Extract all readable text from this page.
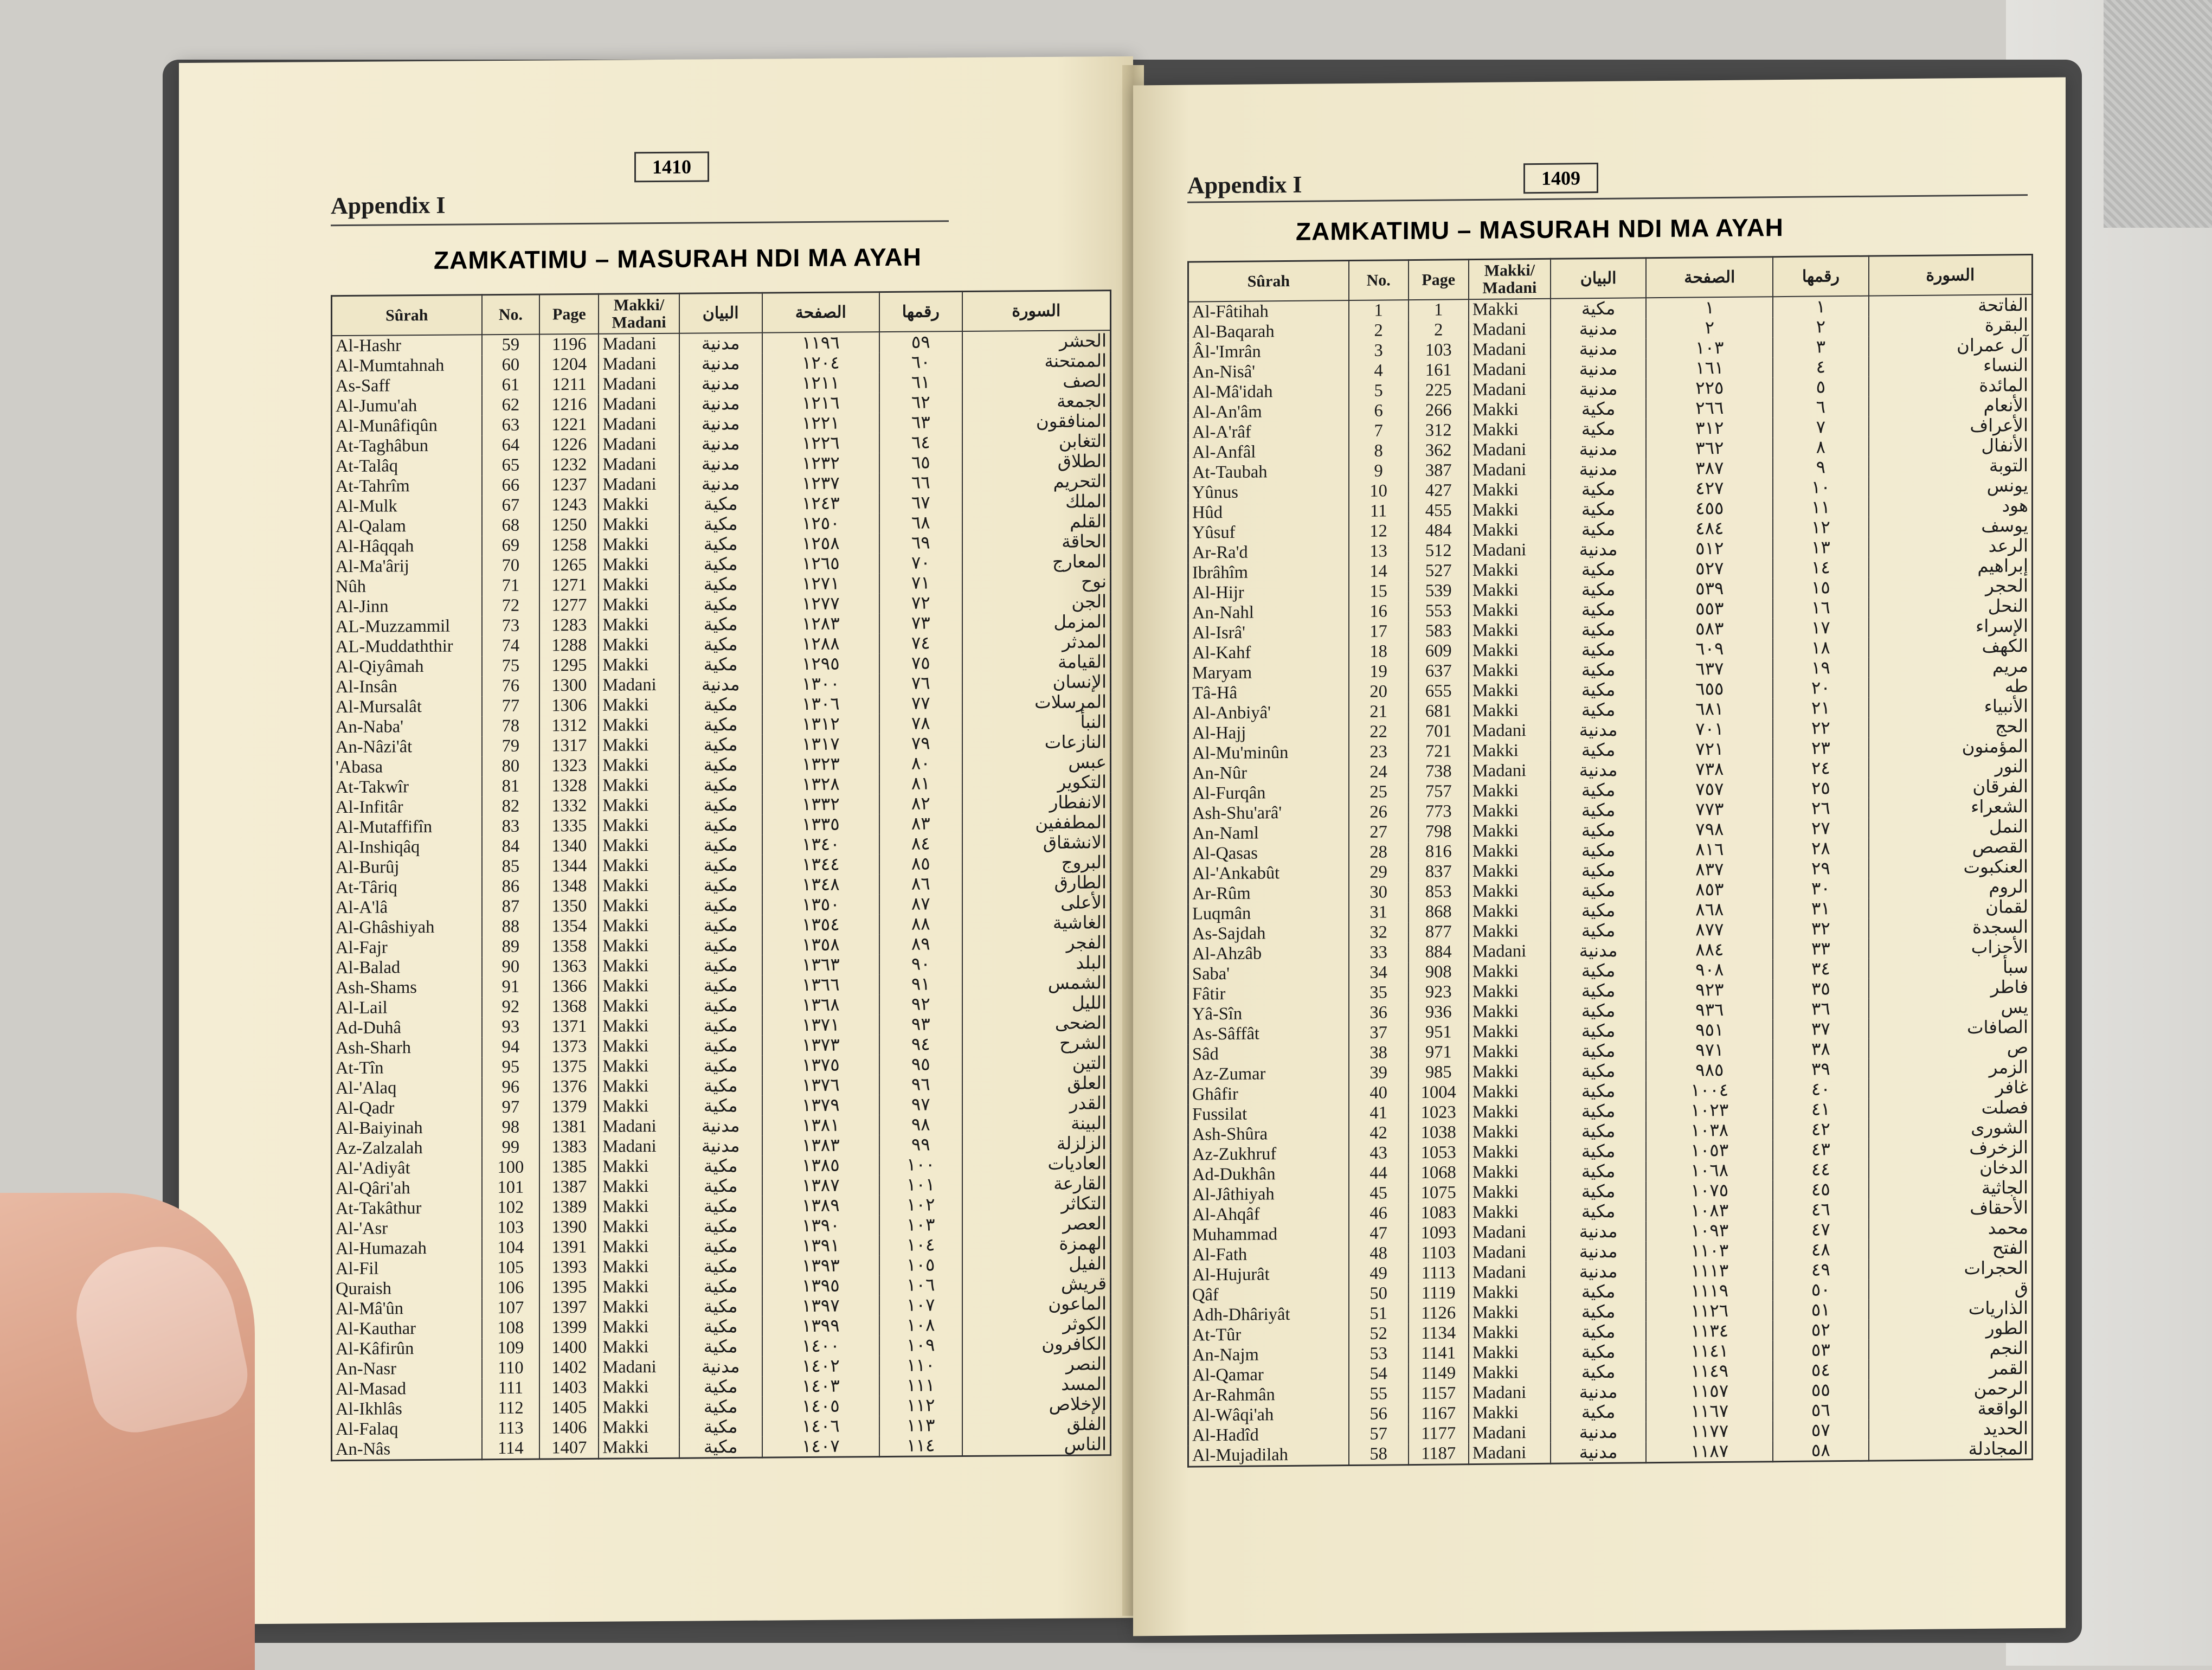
Appendix I
1410
ZAMKATIMU – MASURAH NDI MA AYAH
Sûrah	No.	Page	Makki/ Madani	البيان	الصفحة	رقمها	السورة
Al-Hashr	59	1196	Madani	مدنية	١١٩٦	٥٩	الحشر
Al-Mumtahnah	60	1204	Madani	مدنية	١٢٠٤	٦٠	الممتحنة
As-Saff	61	1211	Madani	مدنية	١٢١١	٦١	الصف
Al-Jumu'ah	62	1216	Madani	مدنية	١٢١٦	٦٢	الجمعة
Al-Munâfiqûn	63	1221	Madani	مدنية	١٢٢١	٦٣	المنافقون
At-Taghâbun	64	1226	Madani	مدنية	١٢٢٦	٦٤	التغابن
At-Talâq	65	1232	Madani	مدنية	١٢٣٢	٦٥	الطلاق
At-Tahrîm	66	1237	Madani	مدنية	١٢٣٧	٦٦	التحريم
Al-Mulk	67	1243	Makki	مكية	١٢٤٣	٦٧	الملك
Al-Qalam	68	1250	Makki	مكية	١٢٥٠	٦٨	القلم
Al-Hâqqah	69	1258	Makki	مكية	١٢٥٨	٦٩	الحاقة
Al-Ma'ârij	70	1265	Makki	مكية	١٢٦٥	٧٠	المعارج
Nûh	71	1271	Makki	مكية	١٢٧١	٧١	نوح
Al-Jinn	72	1277	Makki	مكية	١٢٧٧	٧٢	الجن
AL-Muzzammil	73	1283	Makki	مكية	١٢٨٣	٧٣	المزمل
AL-Muddaththir	74	1288	Makki	مكية	١٢٨٨	٧٤	المدثر
Al-Qiyâmah	75	1295	Makki	مكية	١٢٩٥	٧٥	القيامة
Al-Insân	76	1300	Madani	مدنية	١٣٠٠	٧٦	الإنسان
Al-Mursalât	77	1306	Makki	مكية	١٣٠٦	٧٧	المرسلات
An-Naba'	78	1312	Makki	مكية	١٣١٢	٧٨	النبأ
An-Nâzi'ât	79	1317	Makki	مكية	١٣١٧	٧٩	النازعات
'Abasa	80	1323	Makki	مكية	١٣٢٣	٨٠	عبس
At-Takwîr	81	1328	Makki	مكية	١٣٢٨	٨١	التكوير
Al-Infitâr	82	1332	Makki	مكية	١٣٣٢	٨٢	الانفطار
Al-Mutaffifîn	83	1335	Makki	مكية	١٣٣٥	٨٣	المطففين
Al-Inshiqâq	84	1340	Makki	مكية	١٣٤٠	٨٤	الانشقاق
Al-Burûj	85	1344	Makki	مكية	١٣٤٤	٨٥	البروج
At-Târiq	86	1348	Makki	مكية	١٣٤٨	٨٦	الطارق
Al-A'lâ	87	1350	Makki	مكية	١٣٥٠	٨٧	الأعلى
Al-Ghâshiyah	88	1354	Makki	مكية	١٣٥٤	٨٨	الغاشية
Al-Fajr	89	1358	Makki	مكية	١٣٥٨	٨٩	الفجر
Al-Balad	90	1363	Makki	مكية	١٣٦٣	٩٠	البلد
Ash-Shams	91	1366	Makki	مكية	١٣٦٦	٩١	الشمس
Al-Lail	92	1368	Makki	مكية	١٣٦٨	٩٢	الليل
Ad-Duhâ	93	1371	Makki	مكية	١٣٧١	٩٣	الضحى
Ash-Sharh	94	1373	Makki	مكية	١٣٧٣	٩٤	الشرح
At-Tîn	95	1375	Makki	مكية	١٣٧٥	٩٥	التين
Al-'Alaq	96	1376	Makki	مكية	١٣٧٦	٩٦	العلق
Al-Qadr	97	1379	Makki	مكية	١٣٧٩	٩٧	القدر
Al-Baiyinah	98	1381	Madani	مدنية	١٣٨١	٩٨	البينة
Az-Zalzalah	99	1383	Madani	مدنية	١٣٨٣	٩٩	الزلزلة
Al-'Adiyât	100	1385	Makki	مكية	١٣٨٥	١٠٠	العاديات
Al-Qâri'ah	101	1387	Makki	مكية	١٣٨٧	١٠١	القارعة
At-Takâthur	102	1389	Makki	مكية	١٣٨٩	١٠٢	التكاثر
Al-'Asr	103	1390	Makki	مكية	١٣٩٠	١٠٣	العصر
Al-Humazah	104	1391	Makki	مكية	١٣٩١	١٠٤	الهمزة
Al-Fil	105	1393	Makki	مكية	١٣٩٣	١٠٥	الفيل
Quraish	106	1395	Makki	مكية	١٣٩٥	١٠٦	قريش
Al-Mâ'ûn	107	1397	Makki	مكية	١٣٩٧	١٠٧	الماعون
Al-Kauthar	108	1399	Makki	مكية	١٣٩٩	١٠٨	الكوثر
Al-Kâfirûn	109	1400	Makki	مكية	١٤٠٠	١٠٩	الكافرون
An-Nasr	110	1402	Madani	مدنية	١٤٠٢	١١٠	النصر
Al-Masad	111	1403	Makki	مكية	١٤٠٣	١١١	المسد
Al-Ikhlâs	112	1405	Makki	مكية	١٤٠٥	١١٢	الإخلاص
Al-Falaq	113	1406	Makki	مكية	١٤٠٦	١١٣	الفلق
An-Nâs	114	1407	Makki	مكية	١٤٠٧	١١٤	الناس
Appendix I	1409
ZAMKATIMU – MASURAH NDI MA AYAH
Sûrah	No.	Page	Makki/ Madani	البيان	الصفحة	رقمها	السورة
Al-Fâtihah	1	1	Makki	مكية	١	١	الفاتحة
Al-Baqarah	2	2	Madani	مدنية	٢	٢	البقرة
Âl-'Imrân	3	103	Madani	مدنية	١٠٣	٣	آل عمران
An-Nisâ'	4	161	Madani	مدنية	١٦١	٤	النساء
Al-Mâ'idah	5	225	Madani	مدنية	٢٢٥	٥	المائدة
Al-An'âm	6	266	Makki	مكية	٢٦٦	٦	الأنعام
Al-A'râf	7	312	Makki	مكية	٣١٢	٧	الأعراف
Al-Anfâl	8	362	Madani	مدنية	٣٦٢	٨	الأنفال
At-Taubah	9	387	Madani	مدنية	٣٨٧	٩	التوبة
Yûnus	10	427	Makki	مكية	٤٢٧	١٠	يونس
Hûd	11	455	Makki	مكية	٤٥٥	١١	هود
Yûsuf	12	484	Makki	مكية	٤٨٤	١٢	يوسف
Ar-Ra'd	13	512	Madani	مدنية	٥١٢	١٣	الرعد
Ibrâhîm	14	527	Makki	مكية	٥٢٧	١٤	إبراهيم
Al-Hijr	15	539	Makki	مكية	٥٣٩	١٥	الحجر
An-Nahl	16	553	Makki	مكية	٥٥٣	١٦	النحل
Al-Isrâ'	17	583	Makki	مكية	٥٨٣	١٧	الإسراء
Al-Kahf	18	609	Makki	مكية	٦٠٩	١٨	الكهف
Maryam	19	637	Makki	مكية	٦٣٧	١٩	مريم
Tâ-Hâ	20	655	Makki	مكية	٦٥٥	٢٠	طه
Al-Anbiyâ'	21	681	Makki	مكية	٦٨١	٢١	الأنبياء
Al-Hajj	22	701	Madani	مدنية	٧٠١	٢٢	الحج
Al-Mu'minûn	23	721	Makki	مكية	٧٢١	٢٣	المؤمنون
An-Nûr	24	738	Madani	مدنية	٧٣٨	٢٤	النور
Al-Furqân	25	757	Makki	مكية	٧٥٧	٢٥	الفرقان
Ash-Shu'arâ'	26	773	Makki	مكية	٧٧٣	٢٦	الشعراء
An-Naml	27	798	Makki	مكية	٧٩٨	٢٧	النمل
Al-Qasas	28	816	Makki	مكية	٨١٦	٢٨	القصص
Al-'Ankabût	29	837	Makki	مكية	٨٣٧	٢٩	العنكبوت
Ar-Rûm	30	853	Makki	مكية	٨٥٣	٣٠	الروم
Luqmân	31	868	Makki	مكية	٨٦٨	٣١	لقمان
As-Sajdah	32	877	Makki	مكية	٨٧٧	٣٢	السجدة
Al-Ahzâb	33	884	Madani	مدنية	٨٨٤	٣٣	الأحزاب
Saba'	34	908	Makki	مكية	٩٠٨	٣٤	سبأ
Fâtir	35	923	Makki	مكية	٩٢٣	٣٥	فاطر
Yâ-Sîn	36	936	Makki	مكية	٩٣٦	٣٦	يس
As-Sâffât	37	951	Makki	مكية	٩٥١	٣٧	الصافات
Sâd	38	971	Makki	مكية	٩٧١	٣٨	ص
Az-Zumar	39	985	Makki	مكية	٩٨٥	٣٩	الزمر
Ghâfir	40	1004	Makki	مكية	١٠٠٤	٤٠	غافر
Fussilat	41	1023	Makki	مكية	١٠٢٣	٤١	فصلت
Ash-Shûra	42	1038	Makki	مكية	١٠٣٨	٤٢	الشورى
Az-Zukhruf	43	1053	Makki	مكية	١٠٥٣	٤٣	الزخرف
Ad-Dukhân	44	1068	Makki	مكية	١٠٦٨	٤٤	الدخان
Al-Jâthiyah	45	1075	Makki	مكية	١٠٧٥	٤٥	الجاثية
Al-Ahqâf	46	1083	Makki	مكية	١٠٨٣	٤٦	الأحقاف
Muhammad	47	1093	Madani	مدنية	١٠٩٣	٤٧	محمد
Al-Fath	48	1103	Madani	مدنية	١١٠٣	٤٨	الفتح
Al-Hujurât	49	1113	Madani	مدنية	١١١٣	٤٩	الحجرات
Qâf	50	1119	Makki	مكية	١١١٩	٥٠	ق
Adh-Dhâriyât	51	1126	Makki	مكية	١١٢٦	٥١	الذاريات
At-Tûr	52	1134	Makki	مكية	١١٣٤	٥٢	الطور
An-Najm	53	1141	Makki	مكية	١١٤١	٥٣	النجم
Al-Qamar	54	1149	Makki	مكية	١١٤٩	٥٤	القمر
Ar-Rahmân	55	1157	Madani	مدنية	١١٥٧	٥٥	الرحمن
Al-Wâqi'ah	56	1167	Makki	مكية	١١٦٧	٥٦	الواقعة
Al-Hadîd	57	1177	Madani	مدنية	١١٧٧	٥٧	الحديد
Al-Mujadilah	58	1187	Madani	مدنية	١١٨٧	٥٨	المجادلة
